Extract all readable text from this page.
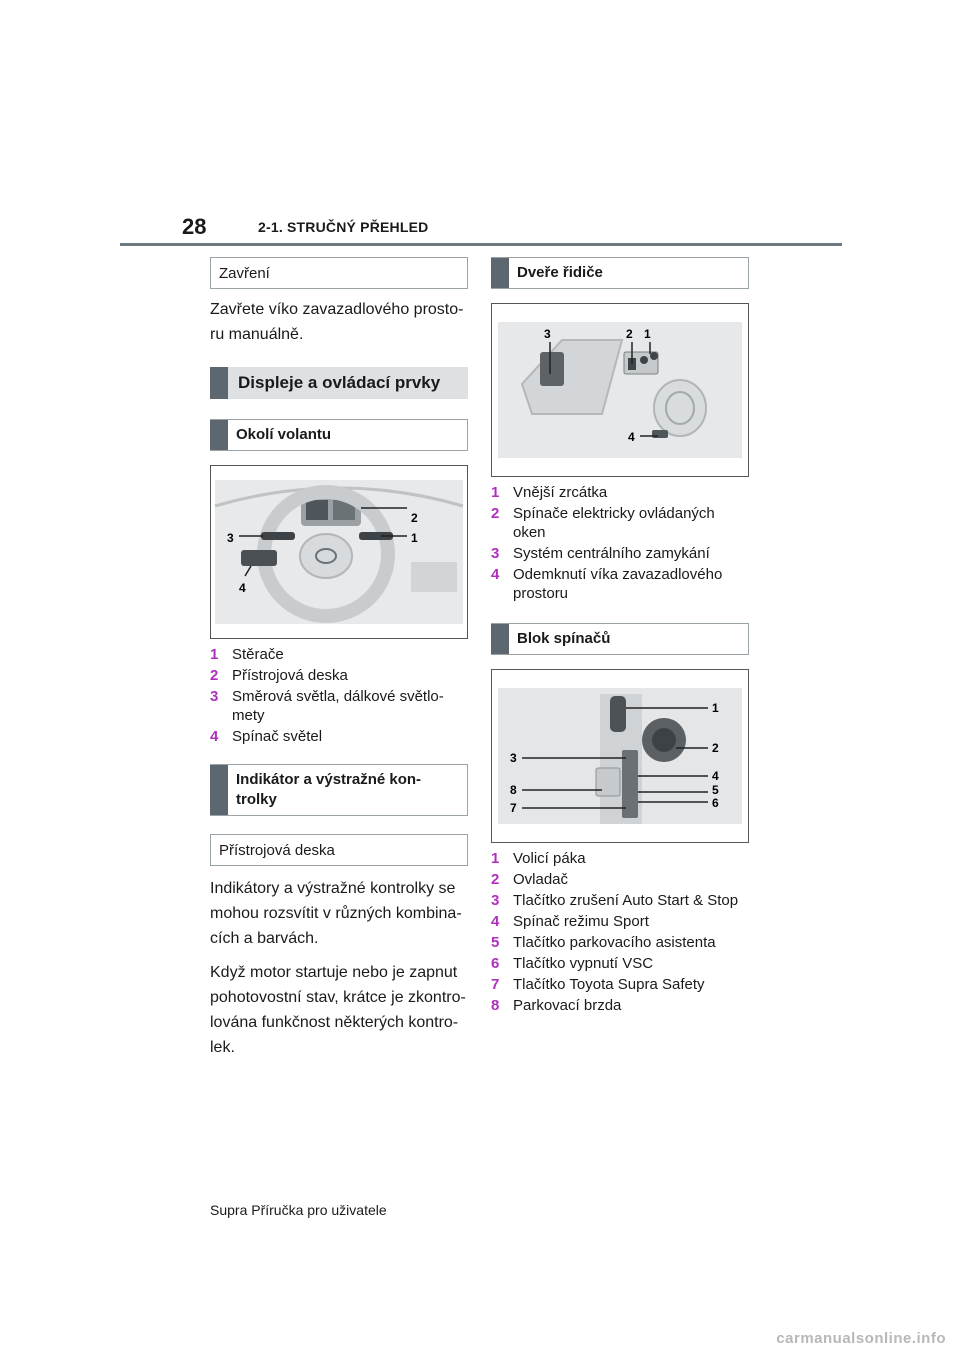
28	2-1. STRUČNÝ PŘEHLED
Zavření

Zavřete víko zavazadlového prosto-ru manuálně.

Displeje a ovládací prvky
Okolí volantu
2
1
3
4
1 Stěrače
2 Přístrojová deska
3 Směrová světla, dálkové světlo-mety
4 Spínač světel
Indikátor a výstražné kon-trolky
Přístrojová deska

Indikátory a výstražné kontrolky se mohou rozsvítit v různých kombina-cích a barvách.

Když motor startuje nebo je zapnut pohotovostní stav, krátce je zkontro-lována funkčnost některých kontro-lek.

Dveře řidiče
3	2 1
4
1 Vnější zrcátka
2 Spínače elektricky ovládaných oken
3 Systém centrálního zamykání
4 Odemknutí víka zavazadlového prostoru
Blok spínačů
1
2
3
4
5
6
7
8
1 Volicí páka
2 Ovladač
3 Tlačítko zrušení Auto Start & Stop
4 Spínač režimu Sport
5 Tlačítko parkovacího asistenta
6 Tlačítko vypnutí VSC
7 Tlačítko Toyota Supra Safety
8 Parkovací brzda
Supra Příručka pro uživatele
carmanualsonline.info
